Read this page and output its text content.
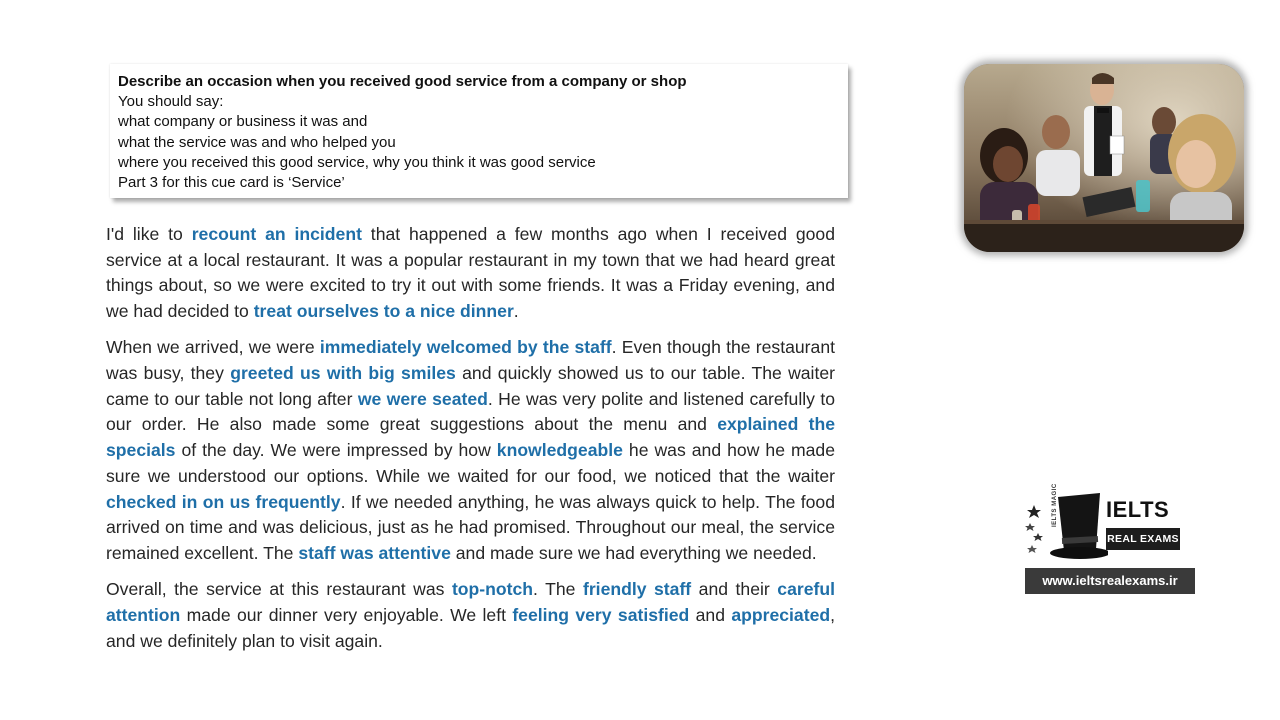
Describe an occasion when you received good service from a company or shop
You should say:
what company or business it was and
what the service was and who helped you
where you received this good service, why you think it was good service
Part 3 for this cue card is ‘Service’

I'd like to recount an incident that happened a few months ago when I received good service at a local restaurant. It was a popular restaurant in my town that we had heard great things about, so we were excited to try it out with some friends. It was a Friday evening, and we had decided to treat ourselves to a nice dinner.

When we arrived, we were immediately welcomed by the staff. Even though the restaurant was busy, they greeted us with big smiles and quickly showed us to our table. The waiter came to our table not long after we were seated. He was very polite and listened carefully to our order. He also made some great suggestions about the menu and explained the specials of the day. We were impressed by how knowledgeable he was and how he made sure we understood our options. While we waited for our food, we noticed that the waiter checked in on us frequently. If we needed anything, he was always quick to help. The food arrived on time and was delicious, just as he had promised. Throughout our meal, the service remained excellent. The staff was attentive and made sure we had everything we needed.

Overall, the service at this restaurant was top-notch. The friendly staff and their careful attention made our dinner very enjoyable. We left feeling very satisfied and appreciated, and we definitely plan to visit again.

IELTS MAGIC IELTS
REAL EXAMS
www.ieltsrealexams.ir
